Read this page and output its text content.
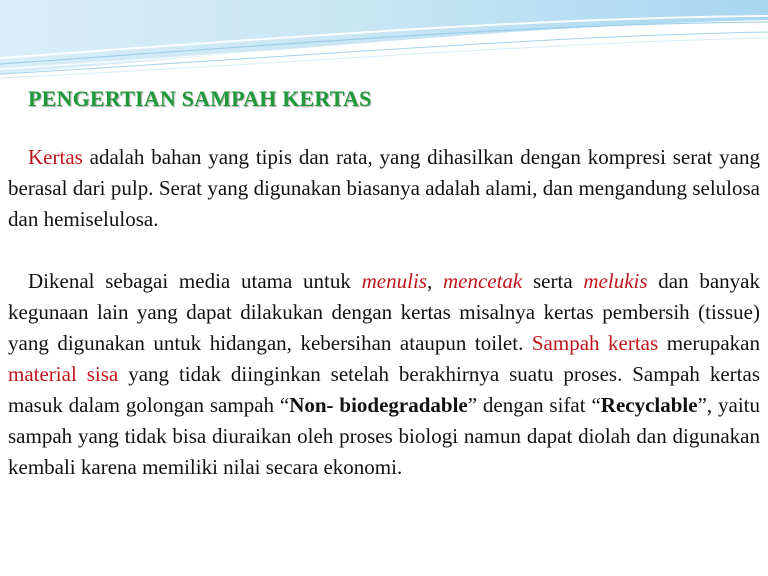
PENGERTIAN SAMPAH KERTAS

Kertas adalah bahan yang tipis dan rata, yang dihasilkan dengan kompresi serat yang berasal dari pulp. Serat yang digunakan biasanya adalah alami, dan mengandung selulosa dan hemiselulosa.

Dikenal sebagai media utama untuk menulis, mencetak serta melukis dan banyak kegunaan lain yang dapat dilakukan dengan kertas misalnya kertas pembersih (tissue) yang digunakan untuk hidangan, kebersihan ataupun toilet. Sampah kertas merupakan material sisa yang tidak diinginkan setelah berakhirnya suatu proses. Sampah kertas masuk dalam golongan sampah “Non- biodegradable” dengan sifat “Recyclable”, yaitu sampah yang tidak bisa diuraikan oleh proses biologi namun dapat diolah dan digunakan kembali karena memiliki nilai secara ekonomi.
